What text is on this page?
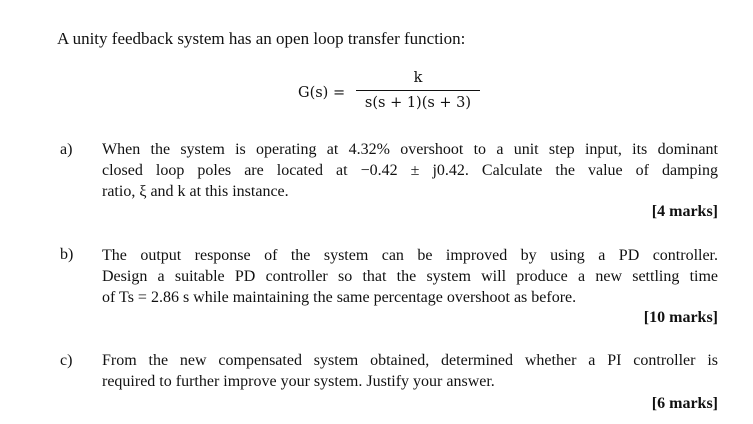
A unity feedback system has an open loop transfer function:
G(s) =
k
s(s + 1)(s + 3)
a) When the system is operating at 4.32% overshoot to a unit step input, its dominant
closed loop poles are located at −0.42 ± j0.42. Calculate the value of damping
ratio, ξ and k at this instance.
[4 marks]
b) The output response of the system can be improved by using a PD controller.
Design a suitable PD controller so that the system will produce a new settling time
of Ts = 2.86 s while maintaining the same percentage overshoot as before.
[10 marks]
c) From the new compensated system obtained, determined whether a PI controller is
required to further improve your system. Justify your answer.
[6 marks]
